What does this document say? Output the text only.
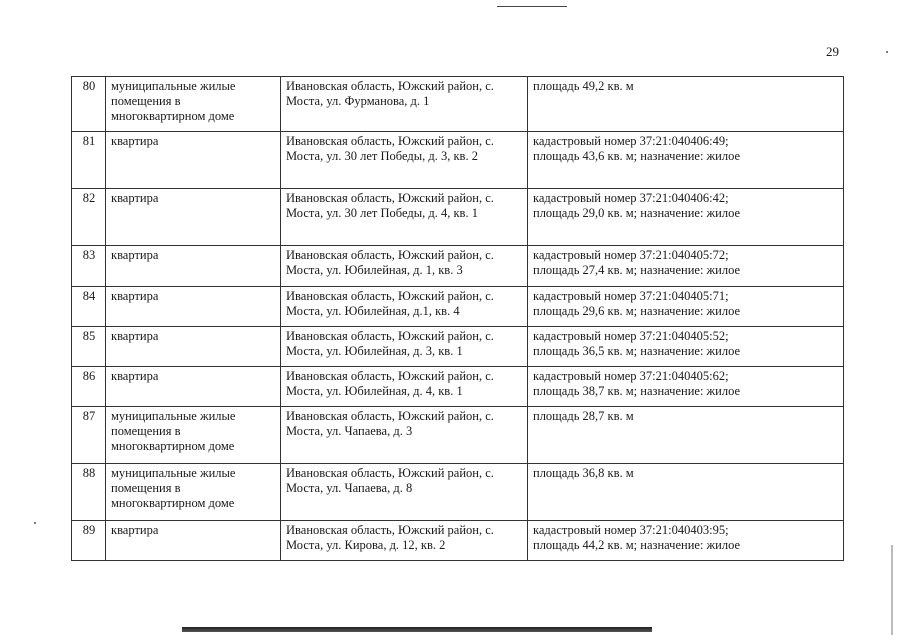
29
80	муниципальные жилые помещения в многоквартирном доме	Ивановская область, Южский район, с. Моста, ул. Фурманова, д. 1	площадь 49,2 кв. м

81	квартира	Ивановская область, Южский район, с. Моста, ул. 30 лет Победы, д. 3, кв. 2	кадастровый номер 37:21:040406:49;
площадь 43,6 кв. м; назначение: жилое

82	квартира	Ивановская область, Южский район, с. Моста, ул. 30 лет Победы, д. 4, кв. 1	кадастровый номер 37:21:040406:42;
площадь 29,0 кв. м; назначение: жилое

83	квартира	Ивановская область, Южский район, с. Моста, ул. Юбилейная, д. 1, кв. 3	кадастровый номер 37:21:040405:72;
площадь 27,4 кв. м; назначение: жилое

84	квартира	Ивановская область, Южский район, с. Моста, ул. Юбилейная, д.1, кв. 4	кадастровый номер 37:21:040405:71;
площадь 29,6 кв. м; назначение: жилое

85	квартира	Ивановская область, Южский район, с. Моста, ул. Юбилейная, д. 3, кв. 1	кадастровый номер 37:21:040405:52;
площадь 36,5 кв. м; назначение: жилое

86	квартира	Ивановская область, Южский район, с. Моста, ул. Юбилейная, д. 4, кв. 1	кадастровый номер 37:21:040405:62;
площадь 38,7 кв. м; назначение: жилое

87	муниципальные жилые помещения в многоквартирном доме	Ивановская область, Южский район, с. Моста, ул. Чапаева, д. 3	площадь 28,7 кв. м

88	муниципальные жилые помещения в многоквартирном доме	Ивановская область, Южский район, с. Моста, ул. Чапаева, д. 8	площадь 36,8 кв. м

89	квартира	Ивановская область, Южский район, с. Моста, ул. Кирова, д. 12, кв. 2	кадастровый номер 37:21:040403:95;
площадь 44,2 кв. м; назначение: жилое
